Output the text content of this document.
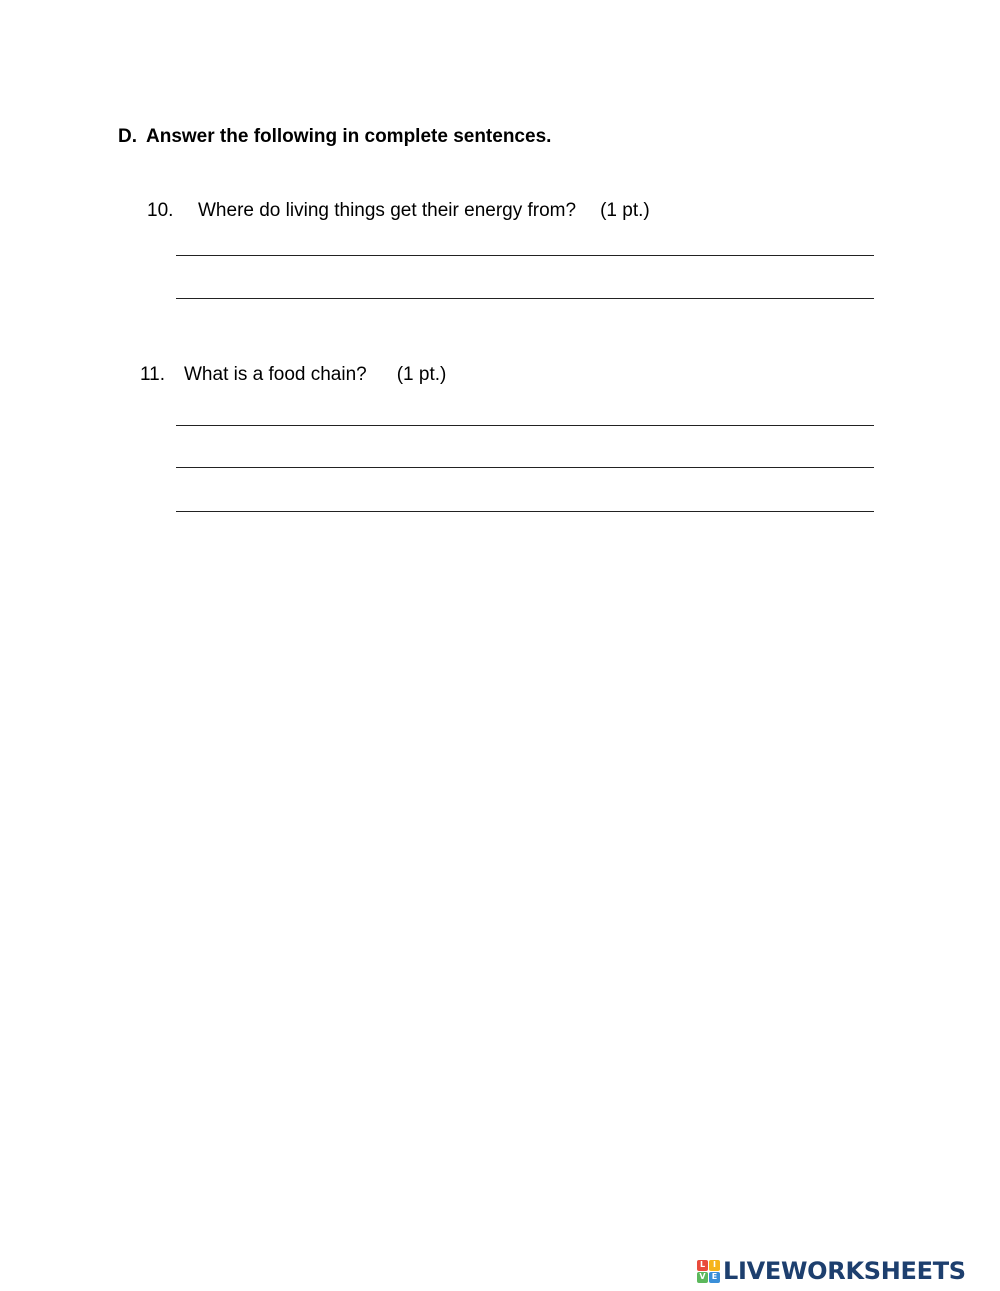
D. Answer the following in complete sentences.
10. Where do living things get their energy from? (1 pt.)
11. What is a food chain? (1 pt.)
L I
V E LIVEWORKSHEETS
